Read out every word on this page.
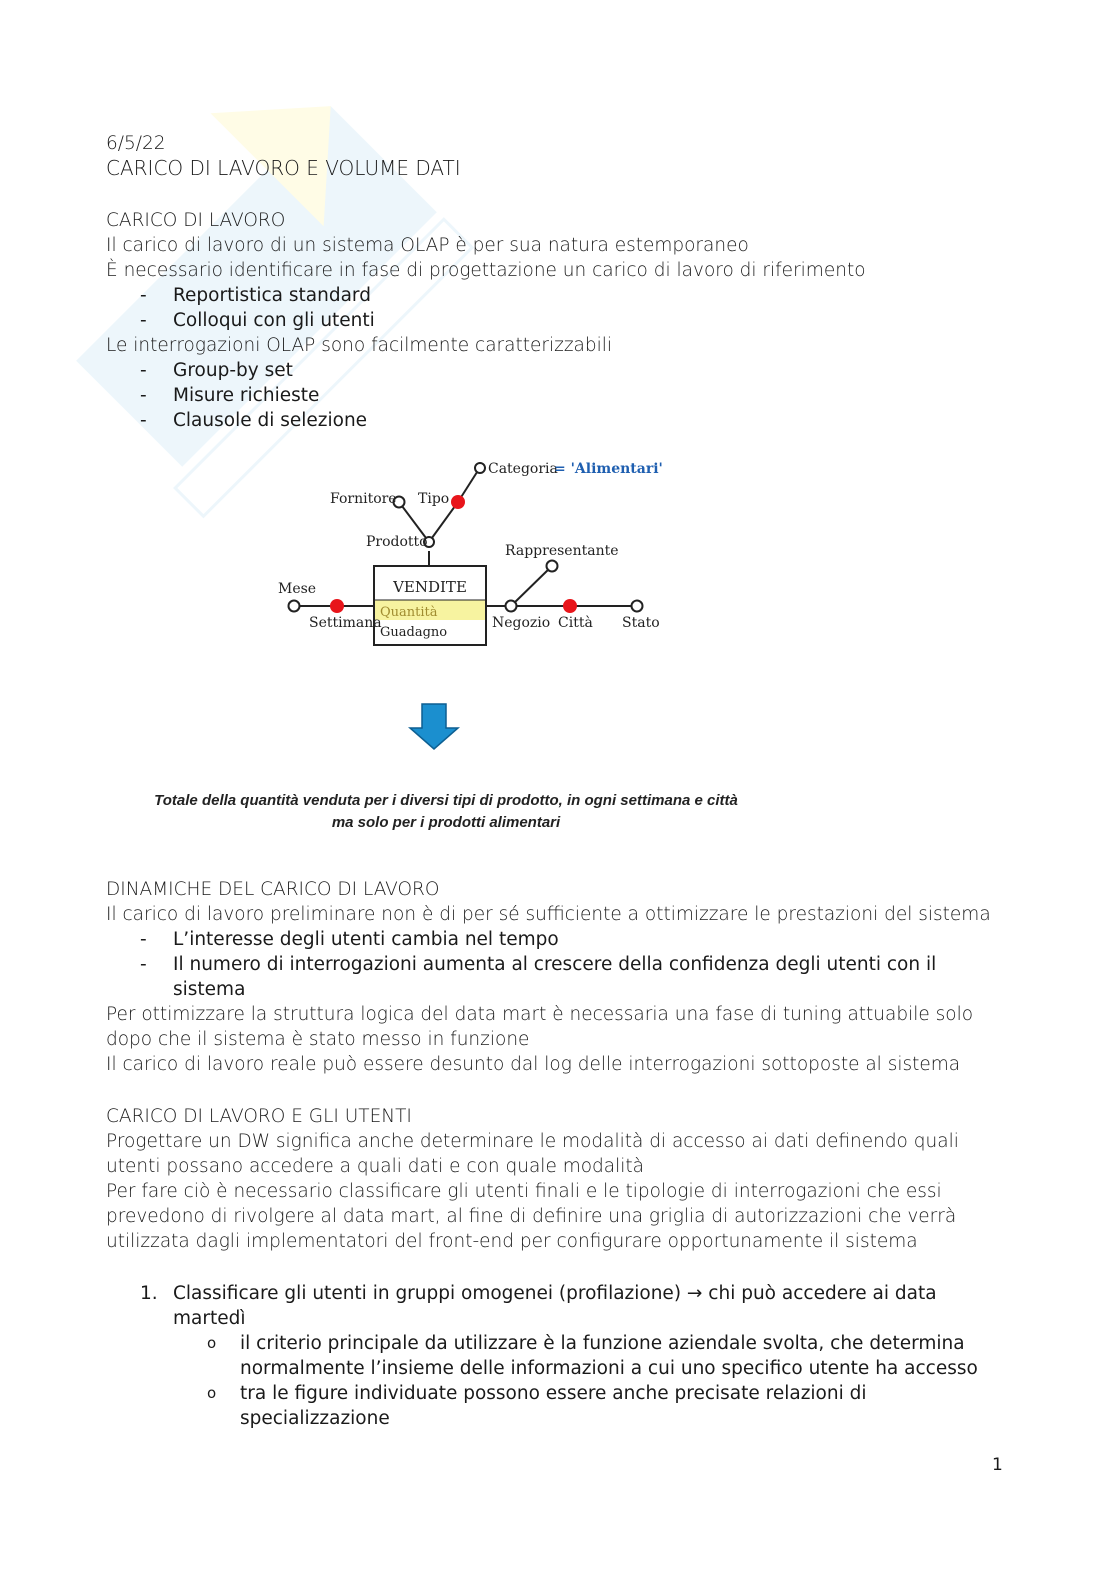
6/5/22
CARICO DI LAVORO E VOLUME DATI
CARICO DI LAVORO
Il carico di lavoro di un sistema OLAP è per sua natura estemporaneo
È necessario identificare in fase di progettazione un carico di lavoro di riferimento
- Reportistica standard
- Colloqui con gli utenti
Le interrogazioni OLAP sono facilmente caratterizzabili
- Group-by set
- Misure richieste
- Clausole di selezione
VENDITE
Quantità
Guadagno
Mese
Settimana	Negozio Città Stato
Rappresentante
Prodotto
Fornitore Tipo
Categoria
= 'Alimentari'
Totale della quantità venduta per i diversi tipi di prodotto, in ogni settimana e città
ma solo per i prodotti alimentari
DINAMICHE DEL CARICO DI LAVORO
Il carico di lavoro preliminare non è di per sé sufficiente a ottimizzare le prestazioni del sistema
- L’interesse degli utenti cambia nel tempo
- Il numero di interrogazioni aumenta al crescere della confidenza degli utenti con il
sistema
Per ottimizzare la struttura logica del data mart è necessaria una fase di tuning attuabile solo
dopo che il sistema è stato messo in funzione
Il carico di lavoro reale può essere desunto dal log delle interrogazioni sottoposte al sistema
CARICO DI LAVORO E GLI UTENTI
Progettare un DW significa anche determinare le modalità di accesso ai dati definendo quali
utenti possano accedere a quali dati e con quale modalità
Per fare ciò è necessario classificare gli utenti finali e le tipologie di interrogazioni che essi
prevedono di rivolgere al data mart, al fine di definire una griglia di autorizzazioni che verrà
utilizzata dagli implementatori del front-end per configurare opportunamente il sistema
1. Classificare gli utenti in gruppi omogenei (profilazione) → chi può accedere ai data
martedì
o il criterio principale da utilizzare è la funzione aziendale svolta, che determina
normalmente l’insieme delle informazioni a cui uno specifico utente ha accesso
o tra le figure individuate possono essere anche precisate relazioni di
specializzazione
1
